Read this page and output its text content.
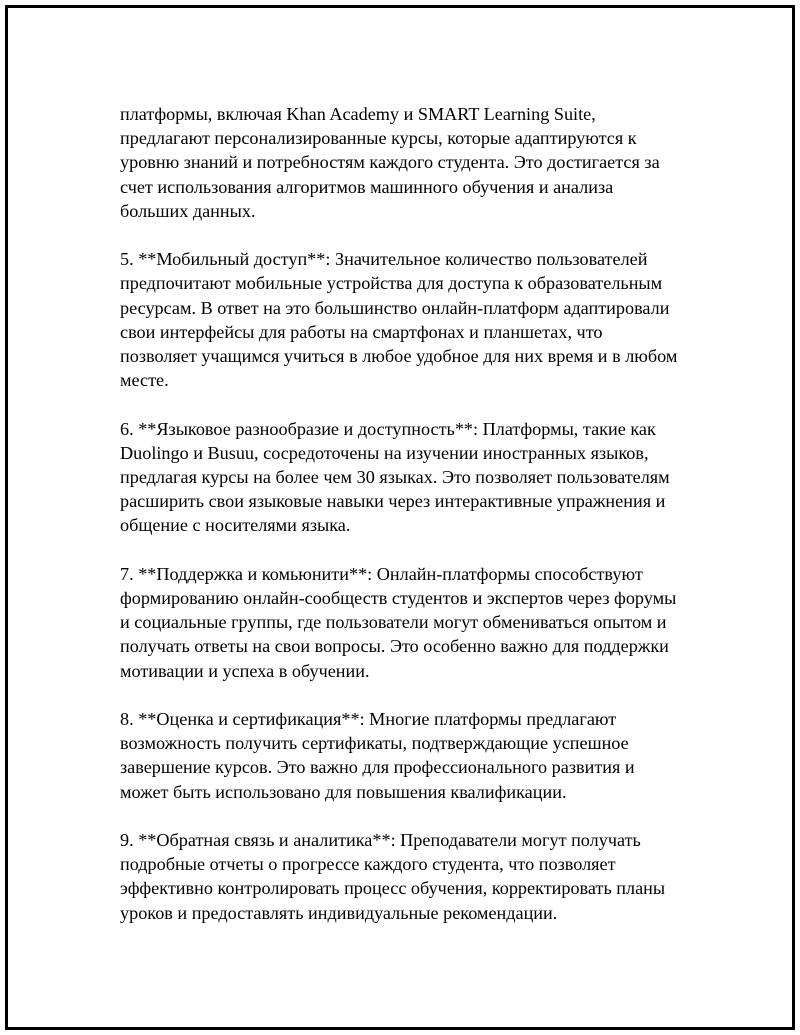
платформы, включая Khan Academy и SMART Learning Suite,
предлагают персонализированные курсы, которые адаптируются к
уровню знаний и потребностям каждого студента. Это достигается за
счет использования алгоритмов машинного обучения и анализа
больших данных.

5. **Мобильный доступ**: Значительное количество пользователей
предпочитают мобильные устройства для доступа к образовательным
ресурсам. В ответ на это большинство онлайн-платформ адаптировали
свои интерфейсы для работы на смартфонах и планшетах, что
позволяет учащимся учиться в любое удобное для них время и в любом
месте.

6. **Языковое разнообразие и доступность**: Платформы, такие как
Duolingo и Busuu, сосредоточены на изучении иностранных языков,
предлагая курсы на более чем 30 языках. Это позволяет пользователям
расширить свои языковые навыки через интерактивные упражнения и
общение с носителями языка.

7. **Поддержка и комьюнити**: Онлайн-платформы способствуют
формированию онлайн-сообществ студентов и экспертов через форумы
и социальные группы, где пользователи могут обмениваться опытом и
получать ответы на свои вопросы. Это особенно важно для поддержки
мотивации и успеха в обучении.

8. **Оценка и сертификация**: Многие платформы предлагают
возможность получить сертификаты, подтверждающие успешное
завершение курсов. Это важно для профессионального развития и
может быть использовано для повышения квалификации.

9. **Обратная связь и аналитика**: Преподаватели могут получать
подробные отчеты о прогрессе каждого студента, что позволяет
эффективно контролировать процесс обучения, корректировать планы
уроков и предоставлять индивидуальные рекомендации.
